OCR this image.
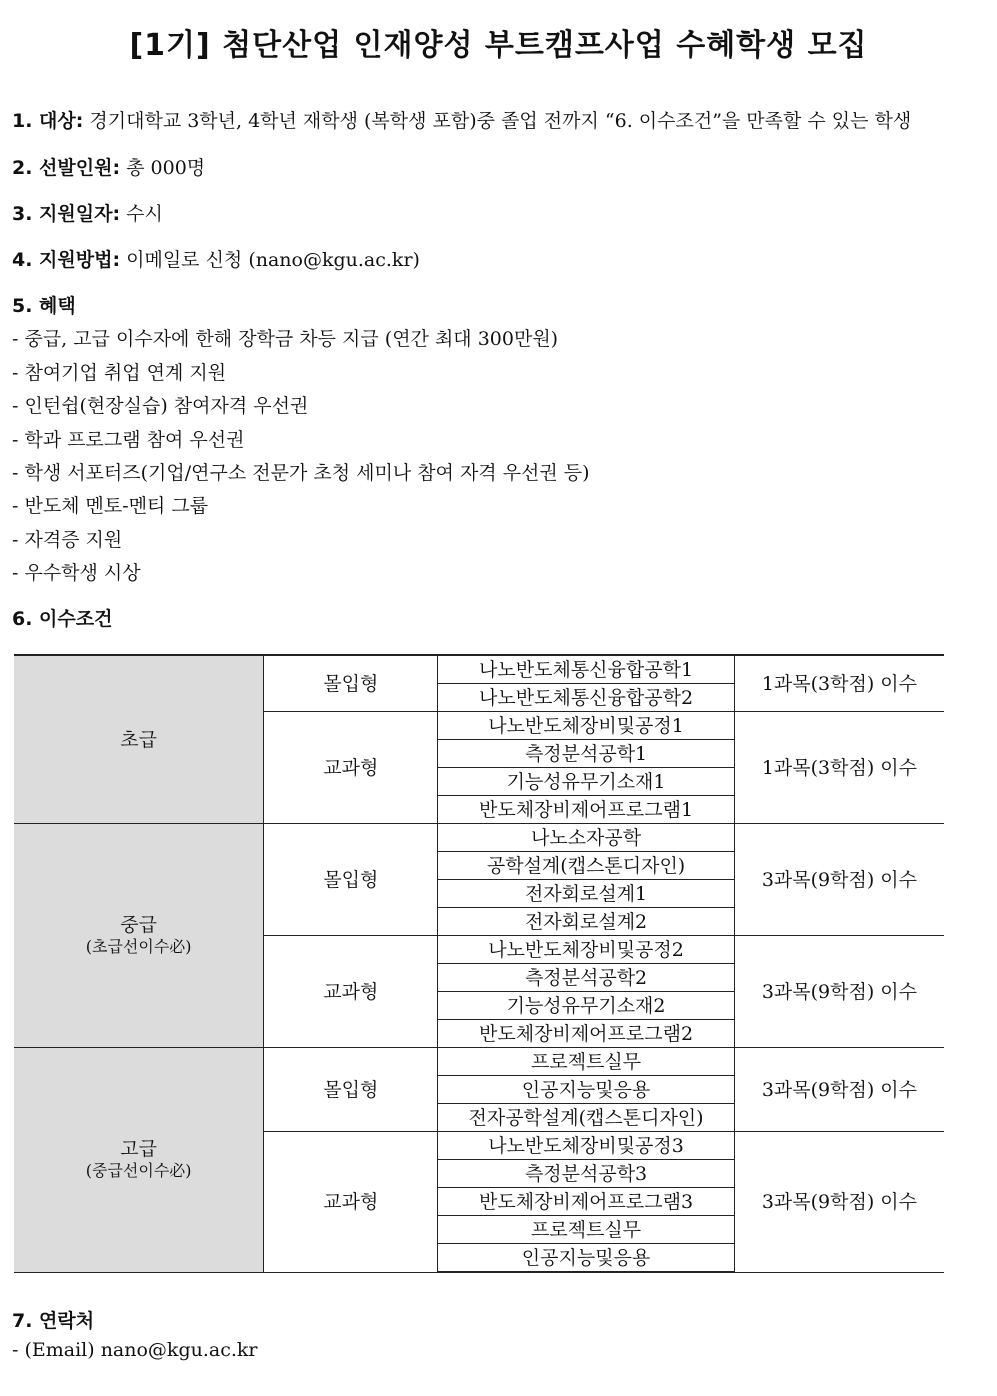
[1기] 첨단산업 인재양성 부트캠프사업 수혜학생 모집
1. 대상: 경기대학교 3학년, 4학년 재학생 (복학생 포함)중 졸업 전까지 “6. 이수조건”을 만족할 수 있는 학생
2. 선발인원: 총 000명
3. 지원일자: 수시
4. 지원방법: 이메일로 신청 (nano@kgu.ac.kr)
5. 혜택
- 중급, 고급 이수자에 한해 장학금 차등 지급 (연간 최대 300만원)
- 참여기업 취업 연계 지원
- 인턴쉽(현장실습) 참여자격 우선권
- 학과 프로그램 참여 우선권
- 학생 서포터즈(기업/연구소 전문가 초청 세미나 참여 자격 우선권 등)
- 반도체 멘토-멘티 그룹
- 자격증 지원
- 우수학생 시상
6. 이수조건
초급	몰입형	나노반도체통신융합공학1	1과목(3학점) 이수
		나노반도체통신융합공학2	
	교과형	나노반도체장비및공정1	1과목(3학점) 이수
		측정분석공학1	
		기능성유무기소재1	
		반도체장비제어프로그램1	

중급
(초급선이수必)	몰입형	나노소자공학	3과목(9학점) 이수
		공학설계(캡스톤디자인)	
		전자회로설계1	
		전자회로설계2	
	교과형	나노반도체장비및공정2	3과목(9학점) 이수
		측정분석공학2	
		기능성유무기소재2	
		반도체장비제어프로그램2	

고급
(중급선이수必)	몰입형	프로젝트실무	3과목(9학점) 이수
		인공지능및응용	
		전자공학설계(캡스톤디자인)	
	교과형	나노반도체장비및공정3	3과목(9학점) 이수
		측정분석공학3	
		반도체장비제어프로그램3	
		프로젝트실무	
		인공지능및응용	
7. 연락처
- (Email) nano@kgu.ac.kr
